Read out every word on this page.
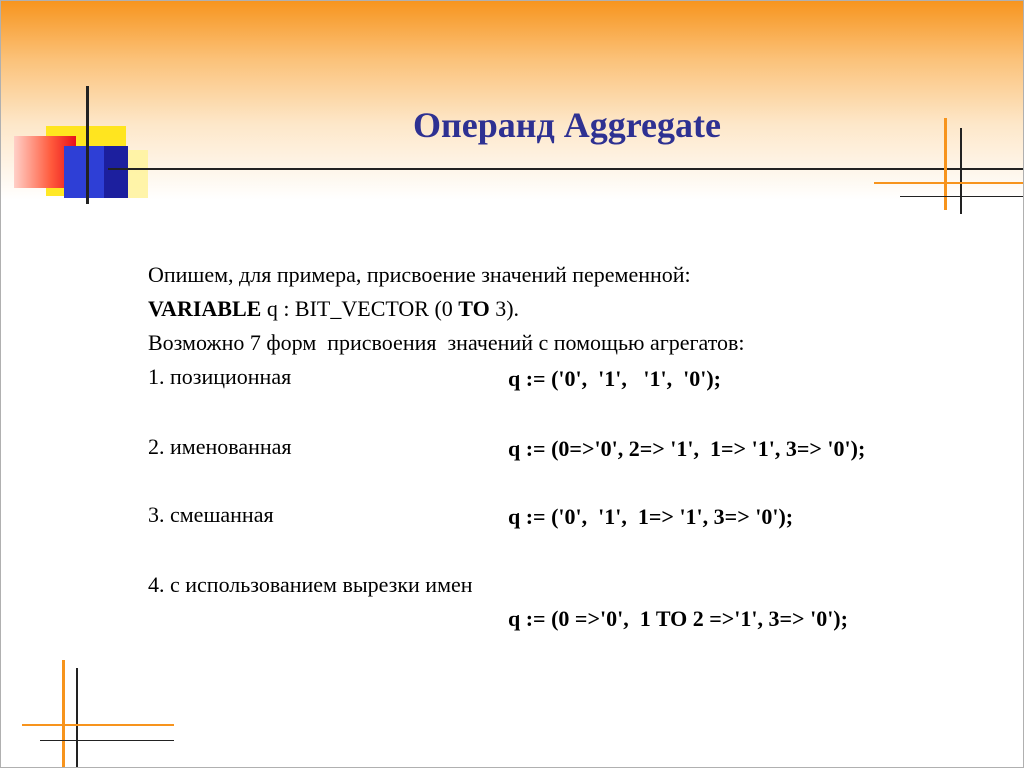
Операнд Aggregate
Опишем, для примера, присвоение значений переменной:
VARIABLE q : BIT_VECTOR (0 TO 3).
Возможно 7 форм  присвоения  значений с помощью агрегатов:
1. позиционная	q := ('0',  '1',   '1',  '0');
2. именованная	q := (0=>'0', 2=> '1',  1=> '1', 3=> '0');
3. смешанная	q := ('0',  '1',  1=> '1', 3=> '0');
4. с использованием вырезки имен
q := (0 =>'0',  1 TO 2 =>'1', 3=> '0');
